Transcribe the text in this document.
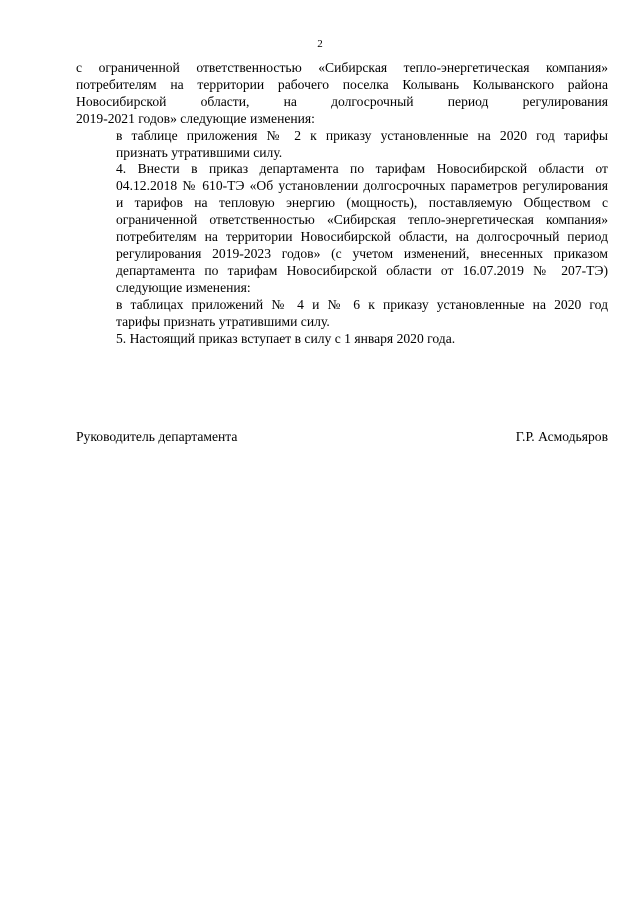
2

с ограниченной ответственностью «Сибирская тепло-энергетическая компания»
потребителям на территории рабочего поселка Колывань Колыванского района
Новосибирской области, на долгосрочный период регулирования
2019-2021 годов» следующие изменения:

в таблице приложения № 2 к приказу установленные на 2020 год тарифы
признать утратившими силу.

4. Внести в приказ департамента по тарифам Новосибирской области от
04.12.2018 № 610-ТЭ «Об установлении долгосрочных параметров регулирования
и тарифов на тепловую энергию (мощность), поставляемую Обществом с
ограниченной ответственностью «Сибирская тепло-энергетическая компания»
потребителям на территории Новосибирской области, на долгосрочный период
регулирования 2019-2023 годов» (с учетом изменений, внесенных приказом
департамента по тарифам Новосибирской области от 16.07.2019 № 207-ТЭ)
следующие изменения:

в таблицах приложений № 4 и № 6 к приказу установленные на 2020 год
тарифы признать утратившими силу.

5. Настоящий приказ вступает в силу с 1 января 2020 года.

Руководитель департамента	Г.Р. Асмодьяров
